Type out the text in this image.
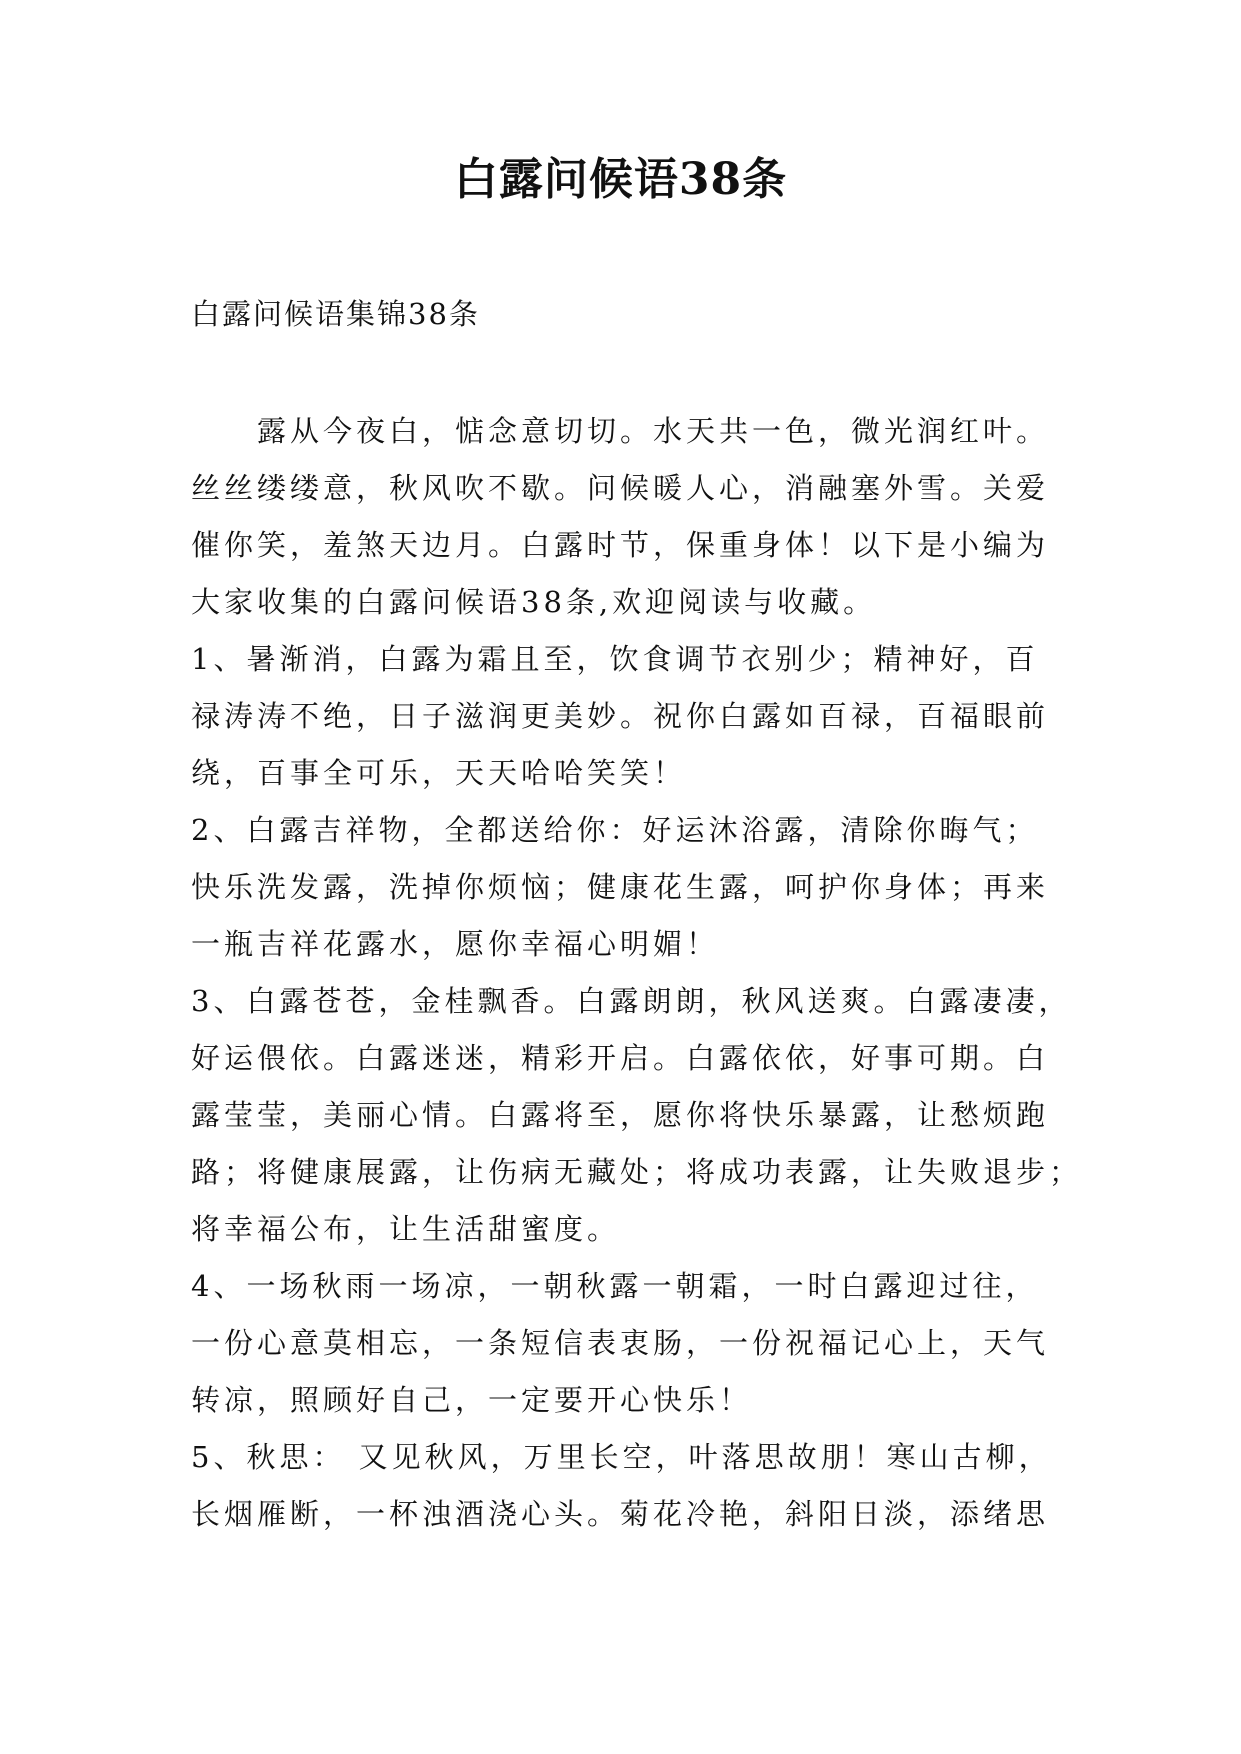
白露问候语38条
白露问候语集锦38条
　　露从今夜白，惦念意切切。水天共一色，微光润红叶。
丝丝缕缕意，秋风吹不歇。问候暖人心，消融塞外雪。关爱
催你笑，羞煞天边月。白露时节，保重身体！以下是小编为
大家收集的白露问候语38条,欢迎阅读与收藏。
1、暑渐消，白露为霜且至，饮食调节衣别少；精神好，百
禄涛涛不绝，日子滋润更美妙。祝你白露如百禄，百福眼前
绕，百事全可乐，天天哈哈笑笑！
2、白露吉祥物，全都送给你：好运沐浴露，清除你晦气；
快乐洗发露，洗掉你烦恼；健康花生露，呵护你身体；再来
一瓶吉祥花露水，愿你幸福心明媚！
3、白露苍苍，金桂飘香。白露朗朗，秋风送爽。白露凄凄，
好运偎依。白露迷迷，精彩开启。白露依依，好事可期。白
露莹莹，美丽心情。白露将至，愿你将快乐暴露，让愁烦跑
路；将健康展露，让伤病无藏处；将成功表露，让失败退步；
将幸福公布，让生活甜蜜度。
4、一场秋雨一场凉，一朝秋露一朝霜，一时白露迎过往，
一份心意莫相忘，一条短信表衷肠，一份祝福记心上，天气
转凉，照顾好自己，一定要开心快乐！
5、秋思： 又见秋风，万里长空，叶落思故朋！寒山古柳，
长烟雁断，一杯浊酒浇心头。菊花冷艳，斜阳日淡，添绪思
